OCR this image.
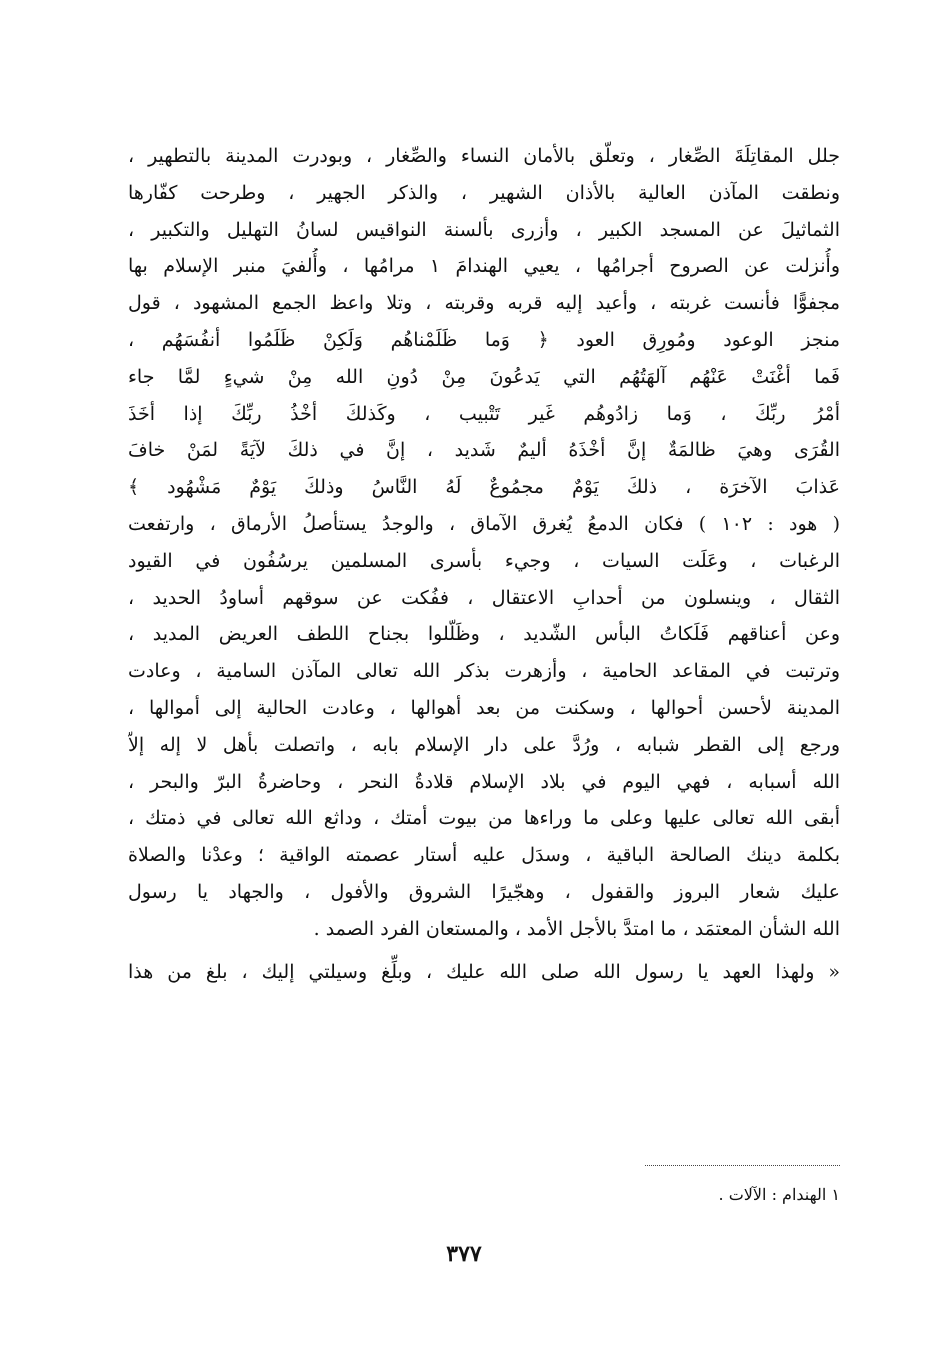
جلل المقاتِلَةَ الصِّغار ، وتعلّق بالأمان النساء والصِّغار ، وبودرت المدينة بالتطهير ،
ونطقت المآذن العالية بالأذان الشهير ، والذكر الجهير ، وطرحت كفّارها
الثماثيلَ عن المسجد الكبير ، وأزرى بألسنة النواقيس لسانُ التهليل والتكبير ،
وأُنزلت عن الصروح أجرامُها ، يعيي الهندامَ ١ مرامُها ، وأُلفيَ منبر الإسلام بها
مجفوًّا فأنست غربته ، وأعيد إليه قربه وقربته ، وتلا واعظ الجمع المشهود ، قول
منجز الوعود ومُورِق العود ﴿ وَما ظَلَمْناهُم وَلَكِنْ ظَلَمُوا أنفُسَهُم ،
فَما أغْنَتْ عَنْهُم آلهَتُهُم التي يَدعُونَ مِنْ دُونِ الله مِنْ شيءٍ لمَّا جاء
أمْرُ ربِّكَ ، وَما زادُوهُم غَير تَتْبيب ، وكَذلكَ أخْذُ ربِّكَ إذا أخَذَ
القُرَى وهيَ ظالمَةٌ إنَّ أخْذَهُ أليمٌ شَديد ، إنَّ في ذلكَ لآيَةً لمَنْ خافَ
عَذابَ الآخرَة ، ذلكَ يَوْمٌ مجمُوعٌ لَهُ النَّاسُ وذلكَ يَوْمٌ مَشْهُود ﴾
( هود : ١٠٢ ) فكان الدمعُ يُغرق الآماق ، والوجدُ يستأصلُ الأرماق ، وارتفعت
الرغبات ، وعَلَت السيات ، وجيء بأسرى المسلمين يرسُفُون في القيود
الثقال ، وينسلون من أحدابِ الاعتقال ، ففُكت عن سوقهم أساودُ الحديد ،
وعن أعناقهم فَلَكاتُ البأس الشّديد ، وظَلّلوا بجناح اللطف العريض المديد ،
وترتبت في المقاعد الحامية ، وأزهرت بذكر الله تعالى المآذن السامية ، وعادت
المدينة لأحسن أحوالها ، وسكنت من بعد أهوالها ، وعادت الحالية إلى أموالها ،
ورجع إلى القطر شبابه ، ورُدَّ على دار الإسلام بابه ، واتصلت بأهل لا إله إلاّ
الله أسبابه ، فهي اليوم في بلاد الإسلام قلادةُ النحر ، وحاضرةُ البرّ والبحر ،
أبقى الله تعالى عليها وعلى ما وراءها من بيوت أمتك ، وداثع الله تعالى في ذمتك ،
بكلمة دينك الصالحة الباقية ، وسدَل عليه أستار عصمته الواقية ؛ وعدْنا والصلاة
عليك شعار البروز والقفول ، وهجّيرًا الشروق والأفول ، والجهاد يا رسول
الله الشأن المعتمَد ، ما امتدَّ بالأجل الأمد ، والمستعان الفرد الصمد .
« ولهذا العهد يا رسول الله صلى الله عليك ، وبلِّغ وسيلتي إليك ، بلغ من هذا
١ الهندام : الآلات .
٣٧٧
